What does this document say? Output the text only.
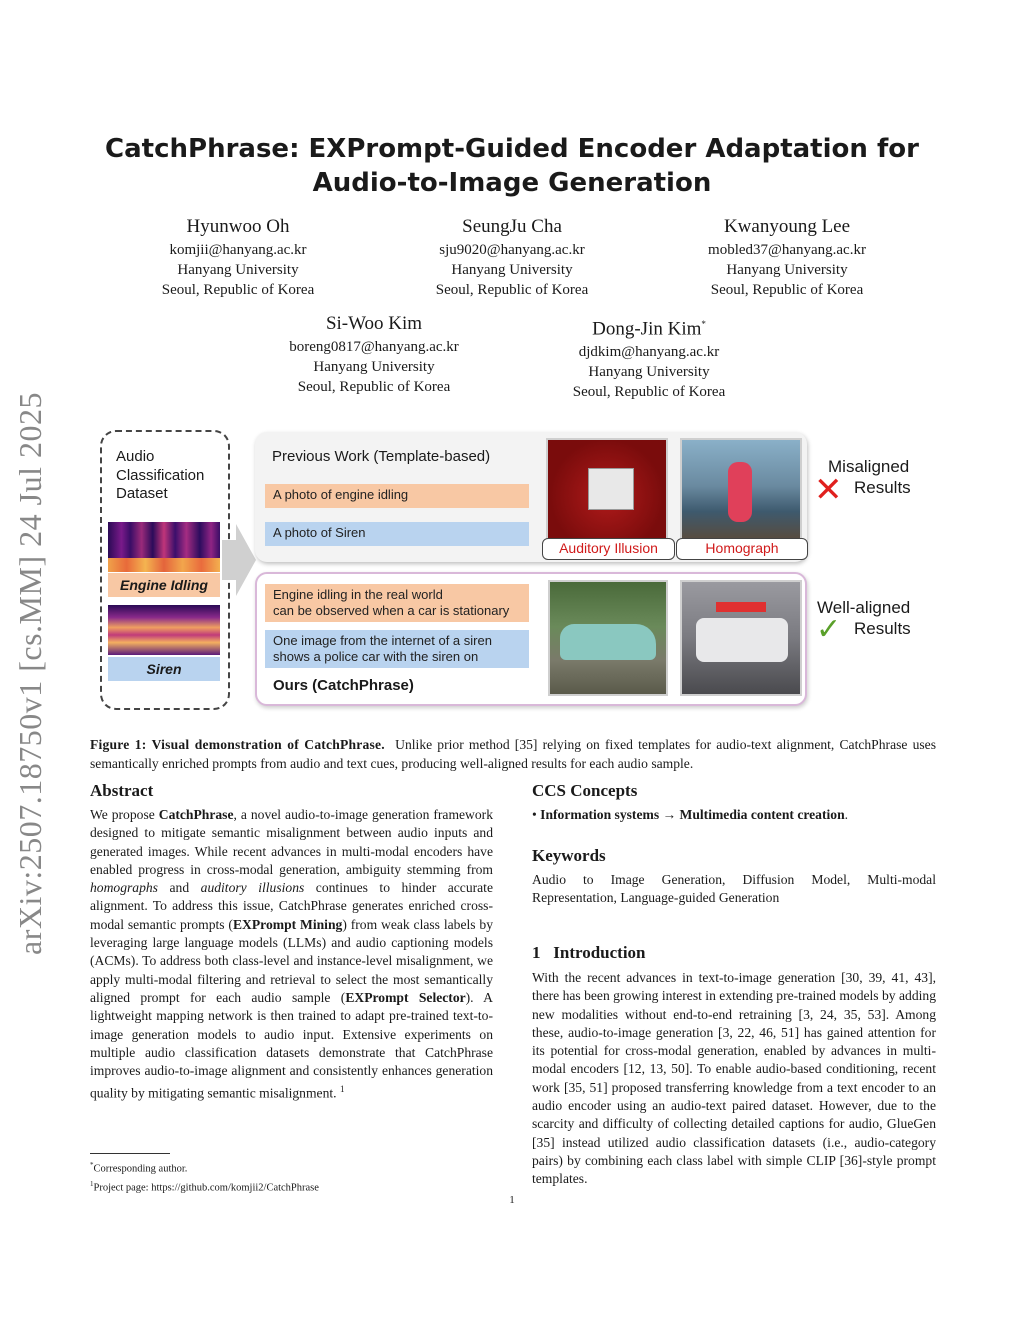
arXiv:2507.18750v1 [cs.MM] 24 Jul 2025
CatchPhrase: EXPrompt-Guided Encoder Adaptation for
Audio-to-Image Generation
Hyunwoo Oh
komjii@hanyang.ac.kr
Hanyang University
Seoul, Republic of Korea
SeungJu Cha
sju9020@hanyang.ac.kr
Hanyang University
Seoul, Republic of Korea
Kwanyoung Lee
mobled37@hanyang.ac.kr
Hanyang University
Seoul, Republic of Korea
Si-Woo Kim
boreng0817@hanyang.ac.kr
Hanyang University
Seoul, Republic of Korea
Dong-Jin Kim*
djdkim@hanyang.ac.kr
Hanyang University
Seoul, Republic of Korea
Audio
Classification
Dataset
Engine Idling
Siren
Previous Work (Template-based)
A photo of engine idling
A photo of Siren
Auditory Illusion	Homograph
Misaligned
Results
✕
Engine idling in the real world
can be observed when a car is stationary
One image from the internet of a siren
shows a police car with the siren on
Ours (CatchPhrase)
Well-aligned
Results
✓
Figure 1: Visual demonstration of CatchPhrase. Unlike prior method [35] relying on fixed templates for audio-text alignment, CatchPhrase uses semantically enriched prompts from audio and text cues, producing well-aligned results for each audio sample.
Abstract
We propose CatchPhrase, a novel audio-to-image generation framework designed to mitigate semantic misalignment between audio inputs and generated images. While recent advances in multi-modal encoders have enabled progress in cross-modal generation, ambiguity stemming from homographs and auditory illusions continues to hinder accurate alignment. To address this issue, CatchPhrase generates enriched cross-modal semantic prompts (EXPrompt Mining) from weak class labels by leveraging large language models (LLMs) and audio captioning models (ACMs). To address both class-level and instance-level misalignment, we apply multi-modal filtering and retrieval to select the most semantically aligned prompt for each audio sample (EXPrompt Selector). A lightweight mapping network is then trained to adapt pre-trained text-to-image generation models to audio input. Extensive experiments on multiple audio classification datasets demonstrate that CatchPhrase improves audio-to-image alignment and consistently enhances generation quality by mitigating semantic misalignment. $^1$
*Corresponding author.
$^1$Project page: https://github.com/komjii2/CatchPhrase
CCS Concepts
• Information systems → Multimedia content creation.
Keywords
Audio to Image Generation, Diffusion Model, Multi-modal Representation, Language-guided Generation
1 Introduction
With the recent advances in text-to-image generation [30, 39, 41, 43], there has been growing interest in extending pre-trained models by adding new modalities without end-to-end retraining [3, 24, 35, 53]. Among these, audio-to-image generation [3, 22, 46, 51] has gained attention for its potential for cross-modal generation, enabled by advances in multi-modal encoders [12, 13, 50]. To enable audio-based conditioning, recent work [35, 51] proposed transferring knowledge from a text encoder to an audio encoder using an audio-text paired dataset. However, due to the scarcity and difficulty of collecting detailed captions for audio, GlueGen [35] instead utilized audio classification datasets (i.e., audio-category pairs) by combining each class label with simple CLIP [36]-style prompt templates.
1
